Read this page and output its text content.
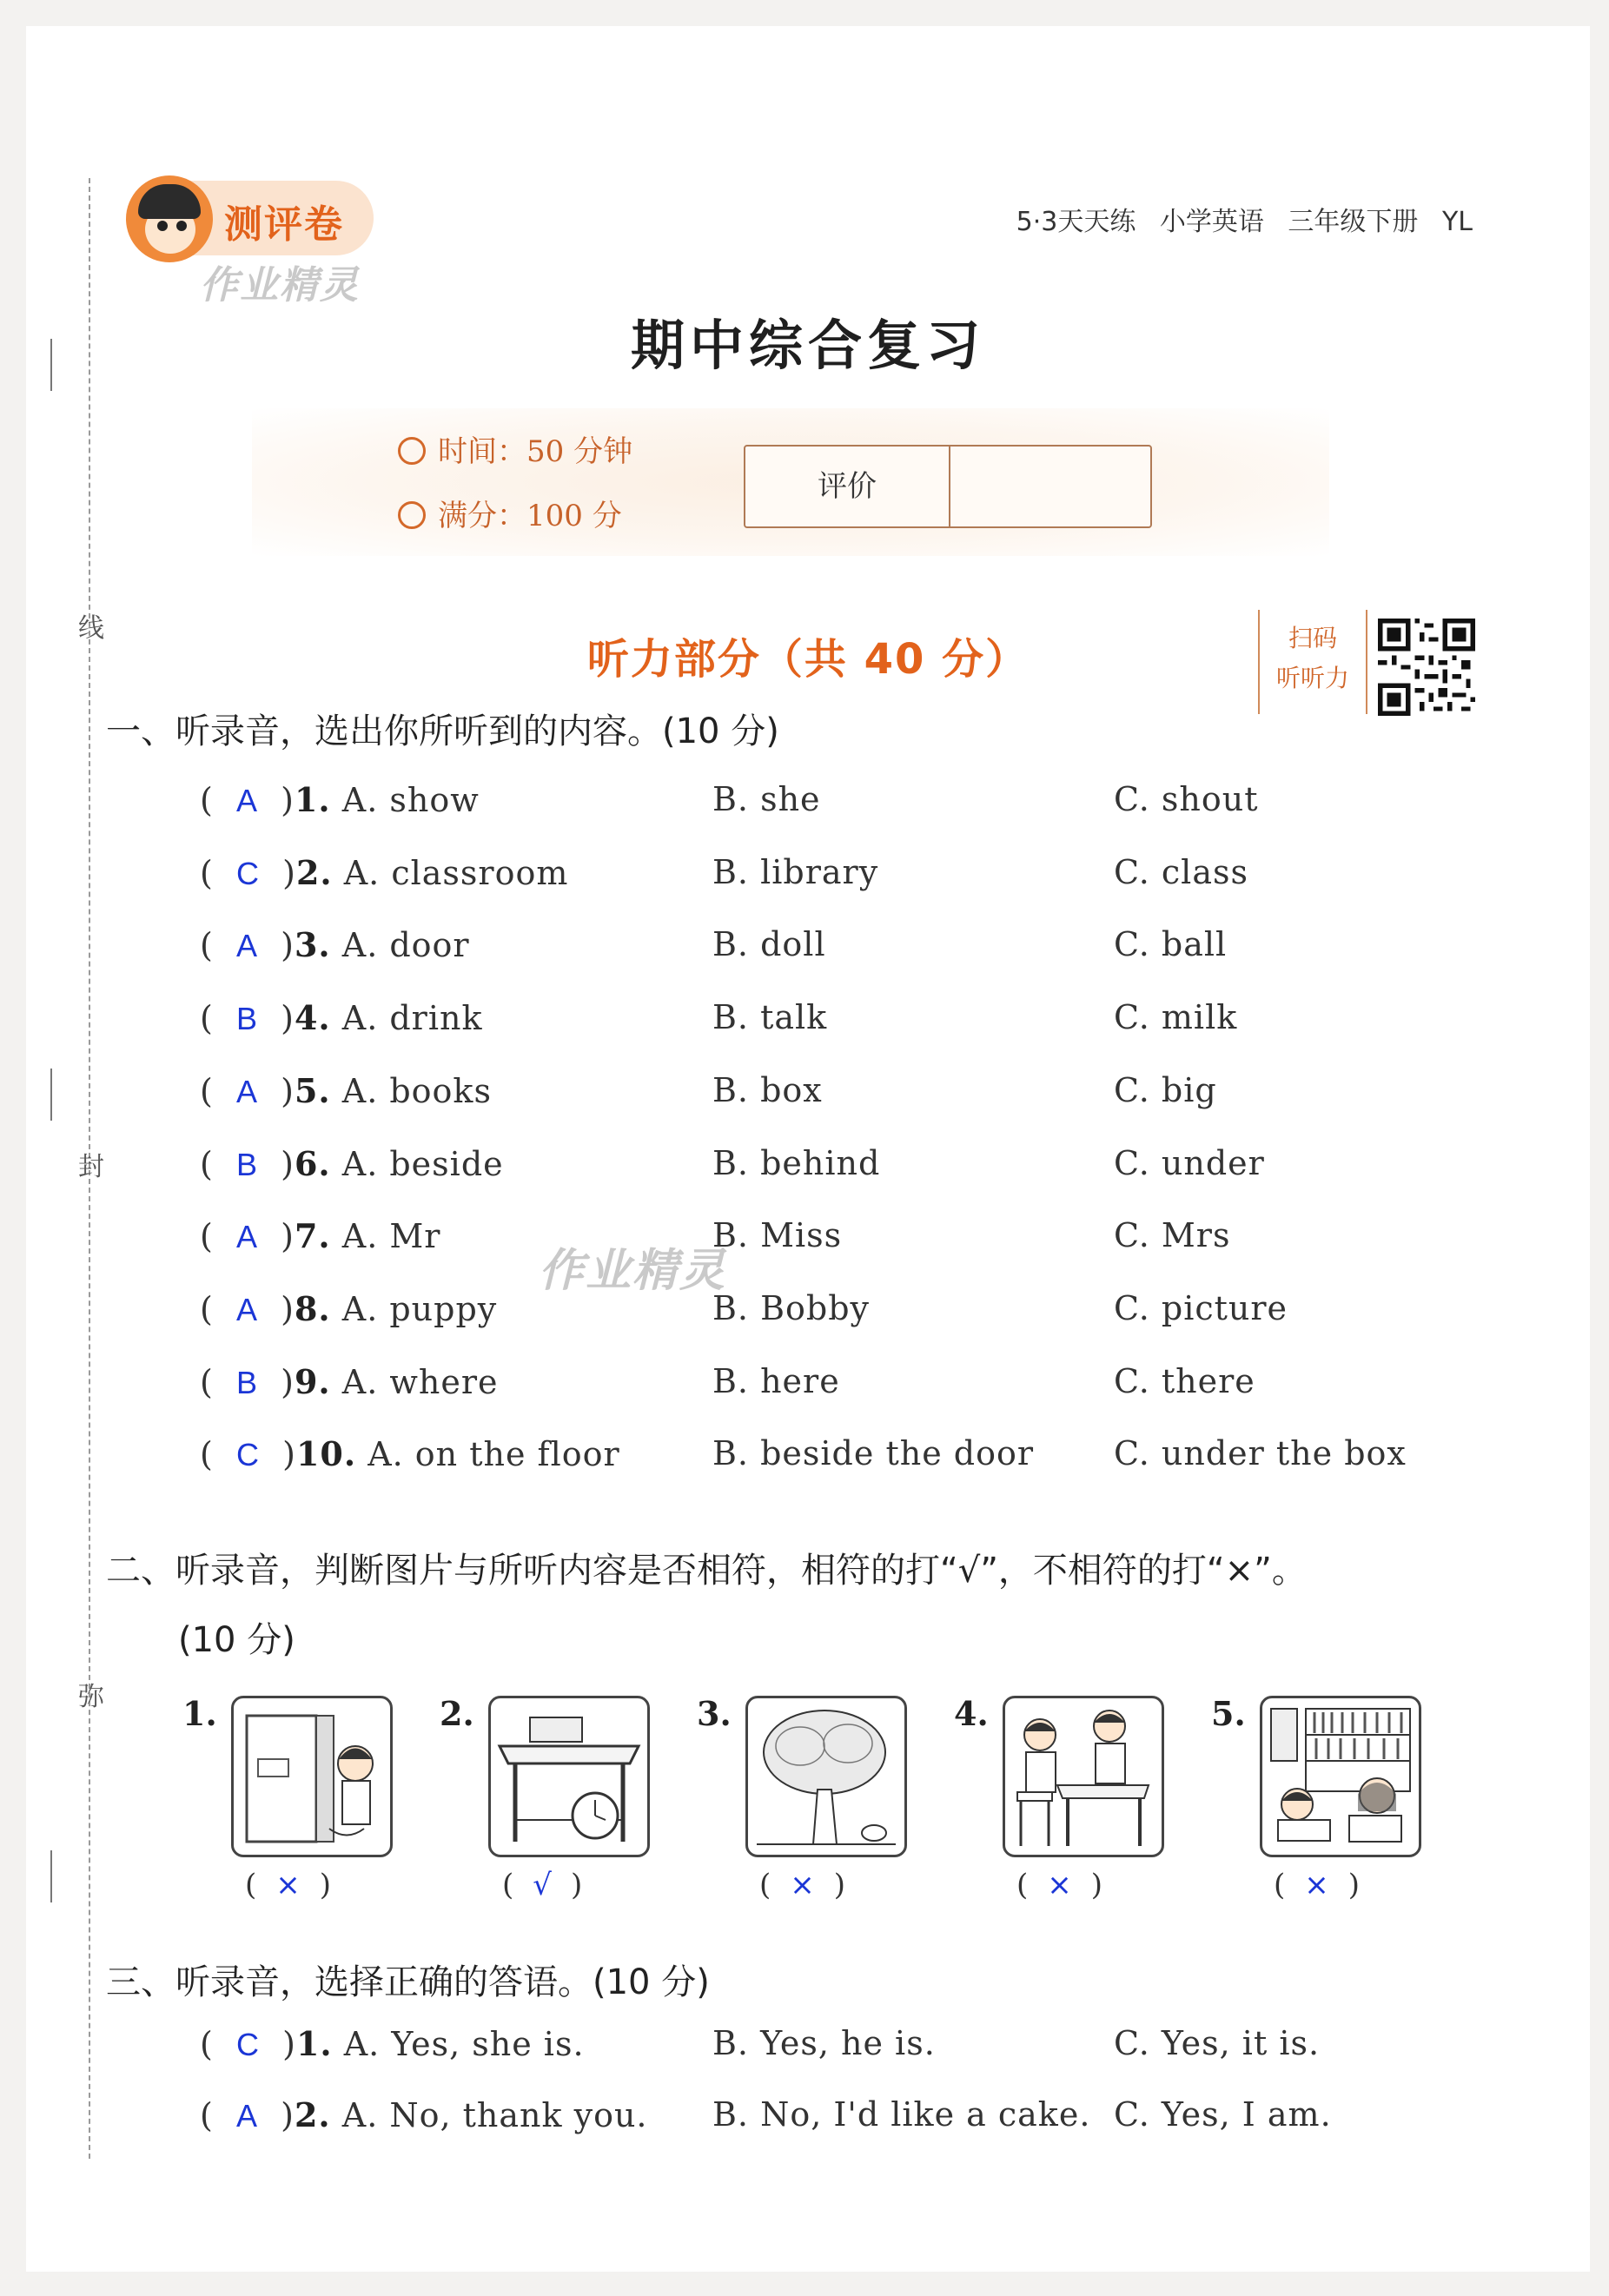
线
封
弥
测评卷
作业精灵
5·3天天练 小学英语 三年级下册 YL
期中综合复习
时间：50 分钟
满分：100 分
评价
听力部分（共 40 分）	扫码
听听力
一、听录音，选出你所听到的内容。(10 分)
(  A  )1. A. show	B. she	C. shout
(  C  )2. A. classroom	B. library	C. class
(  A  )3. A. door	B. doll	C. ball
(  B  )4. A. drink	B. talk	C. milk
(  A  )5. A. books	B. box	C. big
(  B  )6. A. beside	B. behind	C. under
(  A  )7. A. Mr	B. Miss	C. Mrs
(  A  )8. A. puppy	B. Bobby	C. picture
(  B  )9. A. where	B. here	C. there
(  C  )10. A. on the floor	B. beside the door C. under the box
二、听录音，判断图片与所听内容是否相符，相符的打“√”，不相符的打“×”。
(10 分)
1.
( × )
2.
( √ )
3.
( × )
4.
( × )
5.
( × )
三、听录音，选择正确的答语。(10 分)
(  C  )1. A. Yes, she is.	B. Yes, he is.	C. Yes, it is.
(  A  )2. A. No, thank you. B. No, I'd like a cake. C. Yes, I am.
作业精灵
